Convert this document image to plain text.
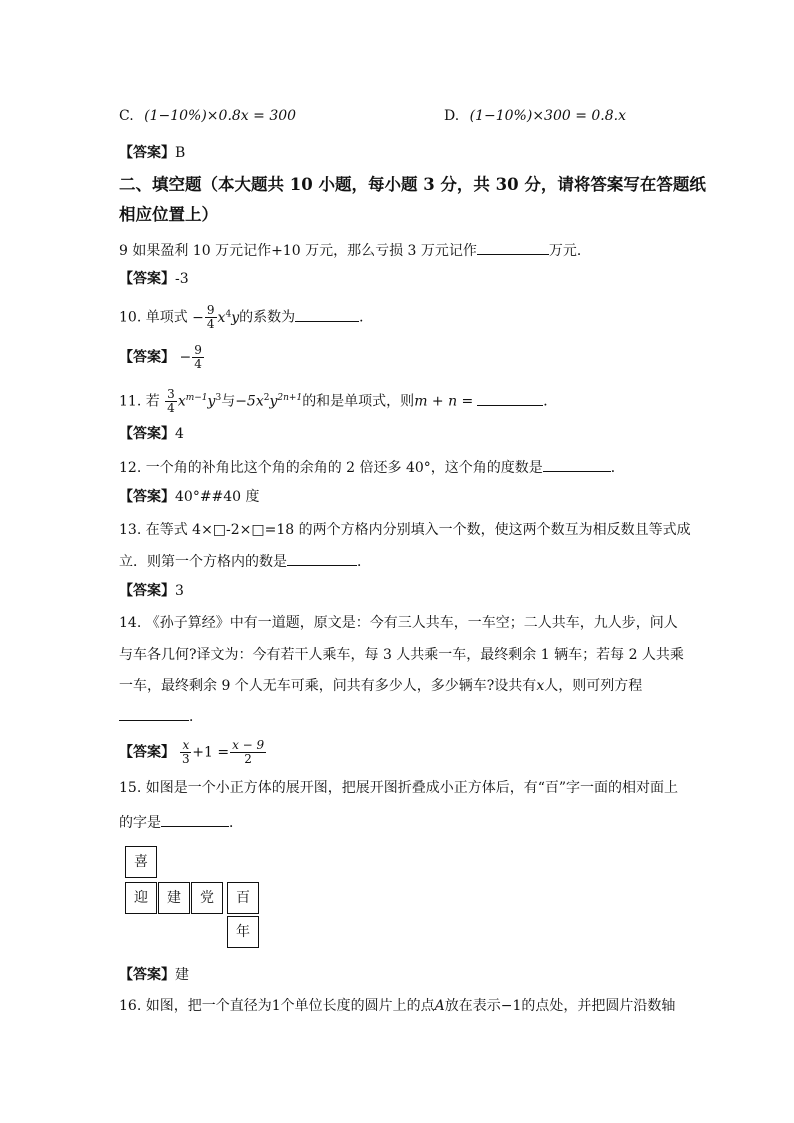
C. (1−10%)×0.8x = 300	D. (1−10%)×300 = 0.8.x
【答案】B
二、填空题（本大题共 10 小题，每小题 3 分，共 30 分，请将答案写在答题纸
相应位置上）
9 如果盈利 10 万元记作+10 万元，那么亏损 3 万元记作	万元．
【答案】-3
10. 单项式 − $\frac{9}{4} x^4y$的系数为	．
【答案】 − $\frac{9}{4}$
11. 若 $\frac{3}{4} x^{m-1}y^3$与$-5x^2y^{2n+1}$的和是单项式，则m + n =	．
【答案】4
12. 一个角的补角比这个角的余角的 2 倍还多 40°，这个角的度数是	．
【答案】40°##40 度
13. 在等式 4×□-2×□=18 的两个方格内分别填入一个数，使这两个数互为相反数且等式成
立．则第一个方格内的数是	．
【答案】3
14. 《孙子算经》中有一道题，原文是：今有三人共车，一车空；二人共车，九人步，问人
与车各几何?译文为：今有若干人乘车，每 3 人共乘一车，最终剩余 1 辆车；若每 2 人共乘
一车，最终剩余 9 个人无车可乘，问共有多少人，多少辆车?设共有x人，则可列方程
．
【答案】 $\frac{x}{3} +1 = \frac{x - 9}{2}$
15. 如图是一个小正方体的展开图，把展开图折叠成小正方体后，有“百”字一面的相对面上
的字是	．
喜
迎	建	党	百
年
【答案】建
16. 如图，把一个直径为1个单位长度的圆片上的点A放在表示−1的点处，并把圆片沿数轴
